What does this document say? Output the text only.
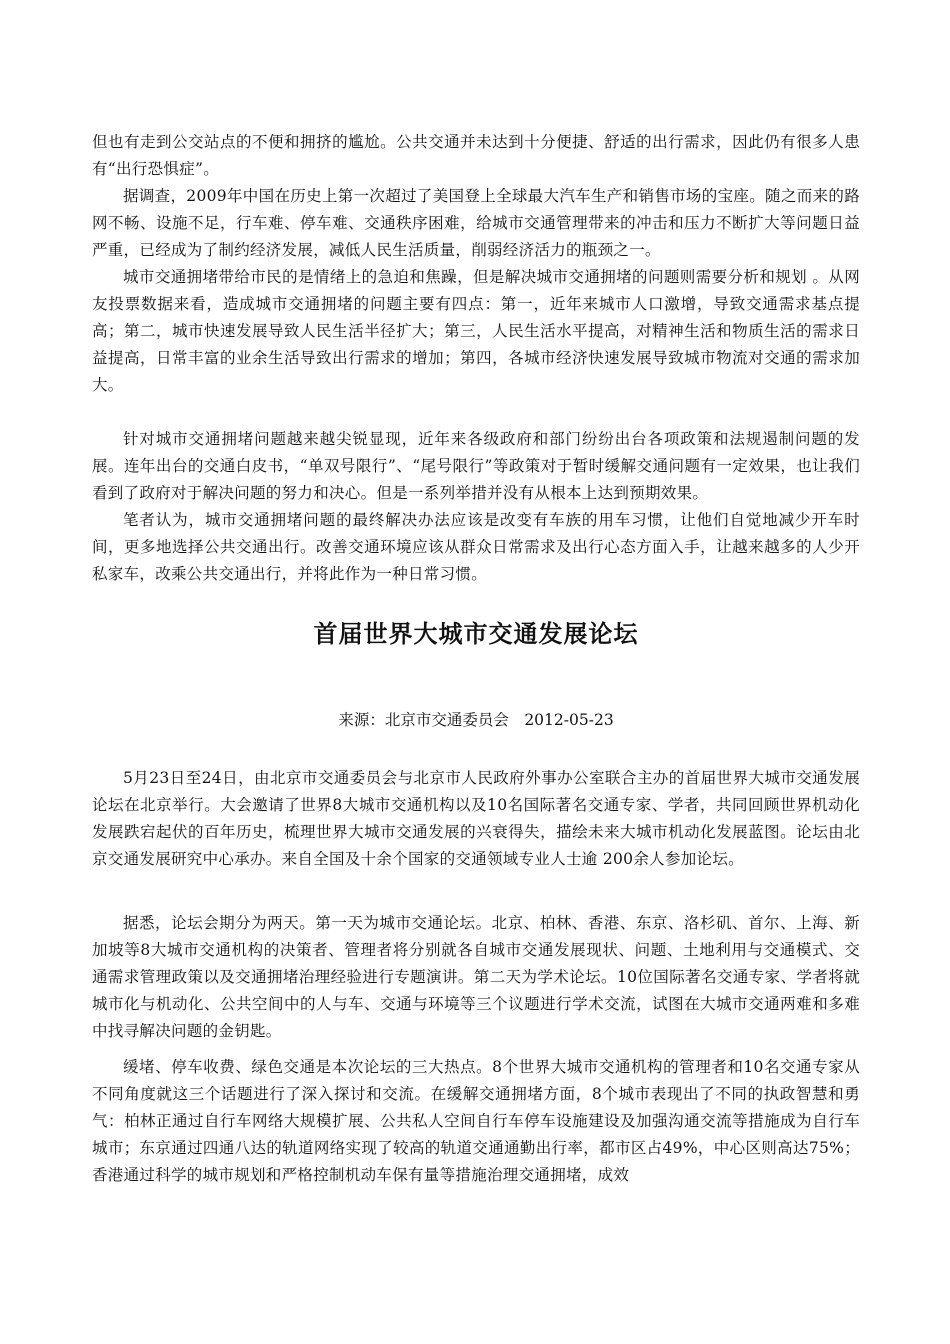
但也有走到公交站点的不便和拥挤的尴尬。公共交通并未达到十分便捷、舒适的出行需求，因此仍有很多人患有“出行恐惧症”。

据调查，2009年中国在历史上第一次超过了美国登上全球最大汽车生产和销售市场的宝座。随之而来的路网不畅、设施不足，行车难、停车难、交通秩序困难，给城市交通管理带来的冲击和压力不断扩大等问题日益严重，已经成为了制约经济发展，减低人民生活质量，削弱经济活力的瓶颈之一。

城市交通拥堵带给市民的是情绪上的急迫和焦躁，但是解决城市交通拥堵的问题则需要分析和规划 。从网友投票数据来看，造成城市交通拥堵的问题主要有四点：第一，近年来城市人口激增，导致交通需求基点提高；第二，城市快速发展导致人民生活半径扩大；第三，人民生活水平提高，对精神生活和物质生活的需求日益提高，日常丰富的业余生活导致出行需求的增加；第四，各城市经济快速发展导致城市物流对交通的需求加大。

针对城市交通拥堵问题越来越尖锐显现，近年来各级政府和部门纷纷出台各项政策和法规遏制问题的发展。连年出台的交通白皮书，“单双号限行”、“尾号限行”等政策对于暂时缓解交通问题有一定效果，也让我们看到了政府对于解决问题的努力和决心。但是一系列举措并没有从根本上达到预期效果。

笔者认为，城市交通拥堵问题的最终解决办法应该是改变有车族的用车习惯，让他们自觉地减少开车时间，更多地选择公共交通出行。改善交通环境应该从群众日常需求及出行心态方面入手，让越来越多的人少开私家车，改乘公共交通出行，并将此作为一种日常习惯。

首届世界大城市交通发展论坛

来源：北京市交通委员会　2012-05-23

5月23日至24日，由北京市交通委员会与北京市人民政府外事办公室联合主办的首届世界大城市交通发展论坛在北京举行。大会邀请了世界8大城市交通机构以及10名国际著名交通专家、学者，共同回顾世界机动化发展跌宕起伏的百年历史，梳理世界大城市交通发展的兴衰得失，描绘未来大城市机动化发展蓝图。论坛由北京交通发展研究中心承办。来自全国及十余个国家的交通领域专业人士逾 200余人参加论坛。

据悉，论坛会期分为两天。第一天为城市交通论坛。北京、柏林、香港、东京、洛杉矶、首尔、上海、新加坡等8大城市交通机构的决策者、管理者将分别就各自城市交通发展现状、问题、土地利用与交通模式、交通需求管理政策以及交通拥堵治理经验进行专题演讲。第二天为学术论坛。10位国际著名交通专家、学者将就城市化与机动化、公共空间中的人与车、交通与环境等三个议题进行学术交流，试图在大城市交通两难和多难中找寻解决问题的金钥匙。

缓堵、停车收费、绿色交通是本次论坛的三大热点。8个世界大城市交通机构的管理者和10名交通专家从不同角度就这三个话题进行了深入探讨和交流。在缓解交通拥堵方面，8个城市表现出了不同的执政智慧和勇气：柏林正通过自行车网络大规模扩展、公共私人空间自行车停车设施建设及加强沟通交流等措施成为自行车城市；东京通过四通八达的轨道网络实现了较高的轨道交通通勤出行率，都市区占49%，中心区则高达75%；香港通过科学的城市规划和严格控制机动车保有量等措施治理交通拥堵，成效
